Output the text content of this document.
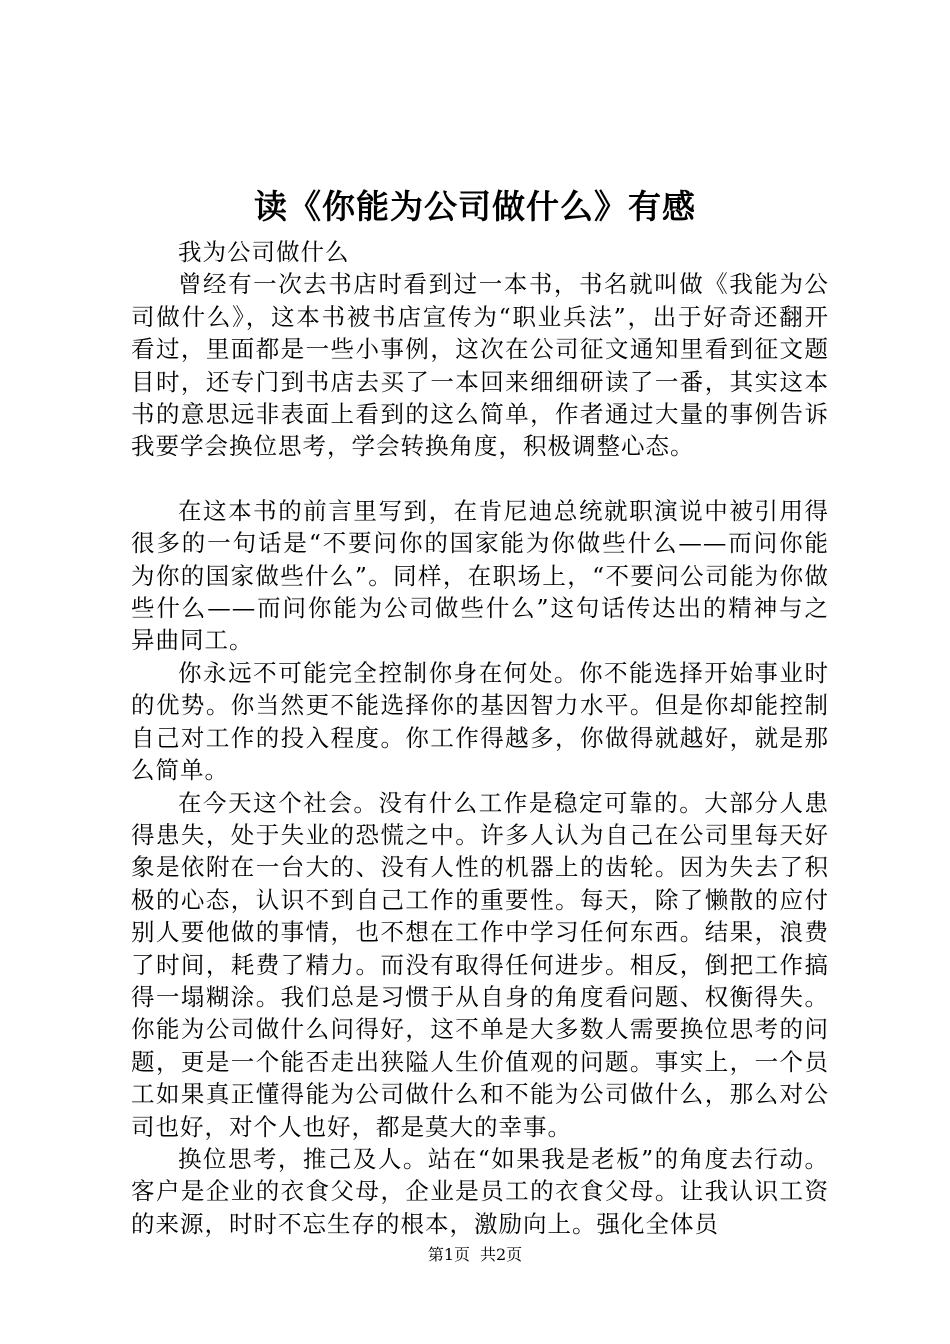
读《你能为公司做什么》有感

我为公司做什么

曾经有一次去书店时看到过一本书，书名就叫做《我能为公司做什么》，这本书被书店宣传为“职业兵法”，出于好奇还翻开看过，里面都是一些小事例，这次在公司征文通知里看到征文题目时，还专门到书店去买了一本回来细细研读了一番，其实这本书的意思远非表面上看到的这么简单，作者通过大量的事例告诉我要学会换位思考，学会转换角度，积极调整心态。

在这本书的前言里写到，在肯尼迪总统就职演说中被引用得很多的一句话是“不要问你的国家能为你做些什么——而问你能为你的国家做些什么”。同样，在职场上，“不要问公司能为你做些什么——而问你能为公司做些什么”这句话传达出的精神与之异曲同工。

你永远不可能完全控制你身在何处。你不能选择开始事业时的优势。你当然更不能选择你的基因智力水平。但是你却能控制自己对工作的投入程度。你工作得越多，你做得就越好，就是那么简单。

在今天这个社会。没有什么工作是稳定可靠的。大部分人患得患失，处于失业的恐慌之中。许多人认为自己在公司里每天好象是依附在一台大的、没有人性的机器上的齿轮。因为失去了积极的心态，认识不到自己工作的重要性。每天，除了懒散的应付别人要他做的事情，也不想在工作中学习任何东西。结果，浪费了时间，耗费了精力。而没有取得任何进步。相反，倒把工作搞得一塌糊涂。我们总是习惯于从自身的角度看问题、权衡得失。你能为公司做什么问得好，这不单是大多数人需要换位思考的问题，更是一个能否走出狭隘人生价值观的问题。事实上，一个员工如果真正懂得能为公司做什么和不能为公司做什么，那么对公司也好，对个人也好，都是莫大的幸事。

换位思考，推己及人。站在“如果我是老板”的角度去行动。客户是企业的衣食父母，企业是员工的衣食父母。让我认识工资的来源，时时不忘生存的根本，激励向上。强化全体员

第1页 共2页
